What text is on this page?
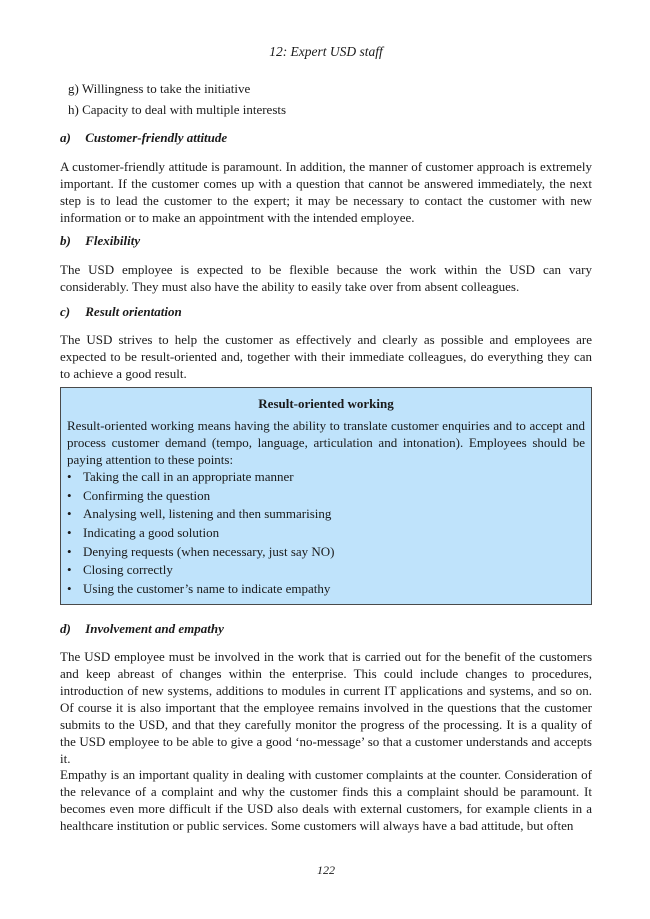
12: Expert USD staff
g) Willingness to take the initiative
h) Capacity to deal with multiple interests
a) Customer-friendly attitude

A customer-friendly attitude is paramount. In addition, the manner of customer approach is extremely important. If the customer comes up with a question that cannot be answered immediately, the next step is to lead the customer to the expert; it may be necessary to contact the customer with new information or to make an appointment with the intended employee.

b) Flexibility

The USD employee is expected to be flexible because the work within the USD can vary considerably. They must also have the ability to easily take over from absent colleagues.

c) Result orientation

The USD strives to help the customer as effectively and clearly as possible and employees are expected to be result-oriented and, together with their immediate colleagues, do everything they can to achieve a good result.

Result-oriented working

Result-oriented working means having the ability to translate customer enquiries and to accept and process customer demand (tempo, language, articulation and intonation). Employees should be paying attention to these points:

• Taking the call in an appropriate manner
• Confirming the question
• Analysing well, listening and then summarising
• Indicating a good solution
• Denying requests (when necessary, just say NO)
• Closing correctly
• Using the customer’s name to indicate empathy
d) Involvement and empathy

The USD employee must be involved in the work that is carried out for the benefit of the customers and keep abreast of changes within the enterprise. This could include changes to procedures, introduction of new systems, additions to modules in current IT applications and systems, and so on. Of course it is also important that the employee remains involved in the questions that the customer submits to the USD, and that they carefully monitor the progress of the processing. It is a quality of the USD employee to be able to give a good ‘no-message’ so that a customer understands and accepts it.

Empathy is an important quality in dealing with customer complaints at the counter. Consideration of the relevance of a complaint and why the customer finds this a complaint should be paramount. It becomes even more difficult if the USD also deals with external customers, for example clients in a healthcare institution or public services. Some customers will always have a bad attitude, but often

122
